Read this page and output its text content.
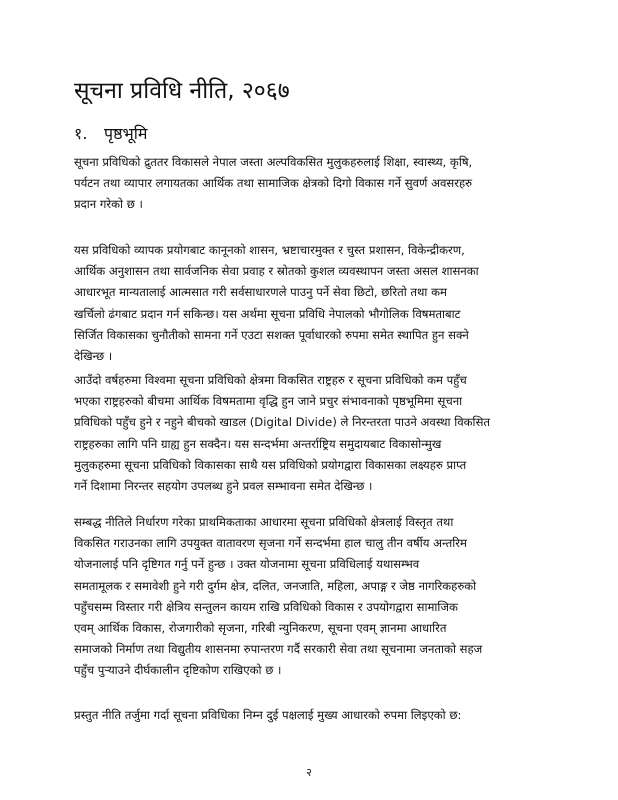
सूचना प्रविधि नीति, २०६७
१. पृष्ठभूमि
सूचना प्रविधिको द्रुततर विकासले नेपाल जस्ता अल्पविकसित मुलुकहरुलाई शिक्षा, स्वास्थ्य, कृषि,
पर्यटन तथा व्यापार लगायतका आर्थिक तथा सामाजिक क्षेत्रको दिगो विकास गर्ने सुवर्ण अवसरहरु
प्रदान गरेको छ ।
यस प्रविधिको व्यापक प्रयोगबाट कानूनको शासन, भ्रष्टाचारमुक्त र चुस्त प्रशासन, विकेन्द्रीकरण,
आर्थिक अनुशासन तथा सार्वजनिक सेवा प्रवाह र स्रोतको कुशल व्यवस्थापन जस्ता असल शासनका
आधारभूत मान्यतालाई आत्मसात गरी सर्वसाधारणले पाउनु पर्ने सेवा छिटो, छरितो तथा कम
खर्चिलो ढंगबाट प्रदान गर्न सकिन्छ। यस अर्थमा सूचना प्रविधि नेपालको भौगोलिक विषमताबाट
सिर्जित विकासका चुनौतीको सामना गर्ने एउटा सशक्त पूर्वाधारको रुपमा समेत स्थापित हुन सक्ने
देखिन्छ ।
आउँदो वर्षहरुमा विश्वमा सूचना प्रविधिको क्षेत्रमा विकसित राष्ट्रहरु र सूचना प्रविधिको कम पहुँच
भएका राष्ट्रहरुको बीचमा आर्थिक विषमतामा वृद्धि हुन जाने प्रचुर संभावनाको पृष्ठभूमिमा सूचना
प्रविधिको पहुँच हुने र नहुने बीचको खाडल (Digital Divide) ले निरन्तरता पाउने अवस्था विकसित
राष्ट्रहरुका लागि पनि ग्राह्य हुन सक्दैन। यस सन्दर्भमा अन्तर्राष्ट्रिय समुदायबाट विकासोन्मुख
मुलुकहरुमा सूचना प्रविधिको विकासका साथै यस प्रविधिको प्रयोगद्वारा विकासका लक्ष्यहरु प्राप्त
गर्ने दिशामा निरन्तर सहयोग उपलब्ध हुने प्रवल सम्भावना समेत देखिन्छ ।
सम्बद्ध नीतिले निर्धारण गरेका प्राथमिकताका आधारमा सूचना प्रविधिको क्षेत्रलाई विस्तृत तथा
विकसित गराउनका लागि उपयुक्त वातावरण सृजना गर्ने सन्दर्भमा हाल चालु तीन वर्षीय अन्तरिम
योजनालाई पनि दृष्टिगत गर्नु पर्ने हुन्छ । उक्त योजनामा सूचना प्रविधिलाई यथासम्भव
समतामूलक र समावेशी हुने गरी दुर्गम क्षेत्र, दलित, जनजाति, महिला, अपाङ्ग र जेष्ठ नागरिकहरुको
पहुँचसम्म विस्तार गरी क्षेत्रिय सन्तुलन कायम राखि प्रविधिको विकास र उपयोगद्वारा सामाजिक
एवम् आर्थिक विकास, रोजगारीको सृजना, गरिबी न्युनिकरण, सूचना एवम् ज्ञानमा आधारित
समाजको निर्माण तथा विद्युतीय शासनमा रुपान्तरण गर्दै सरकारी सेवा तथा सूचनामा जनताको सहज
पहुँच पुऱ्याउने दीर्घकालीन दृष्टिकोण राखिएको छ ।
प्रस्तुत नीति तर्जुमा गर्दा सूचना प्रविधिका निम्न दुई पक्षलाई मुख्य आधारको रुपमा लिइएको छ:
२
